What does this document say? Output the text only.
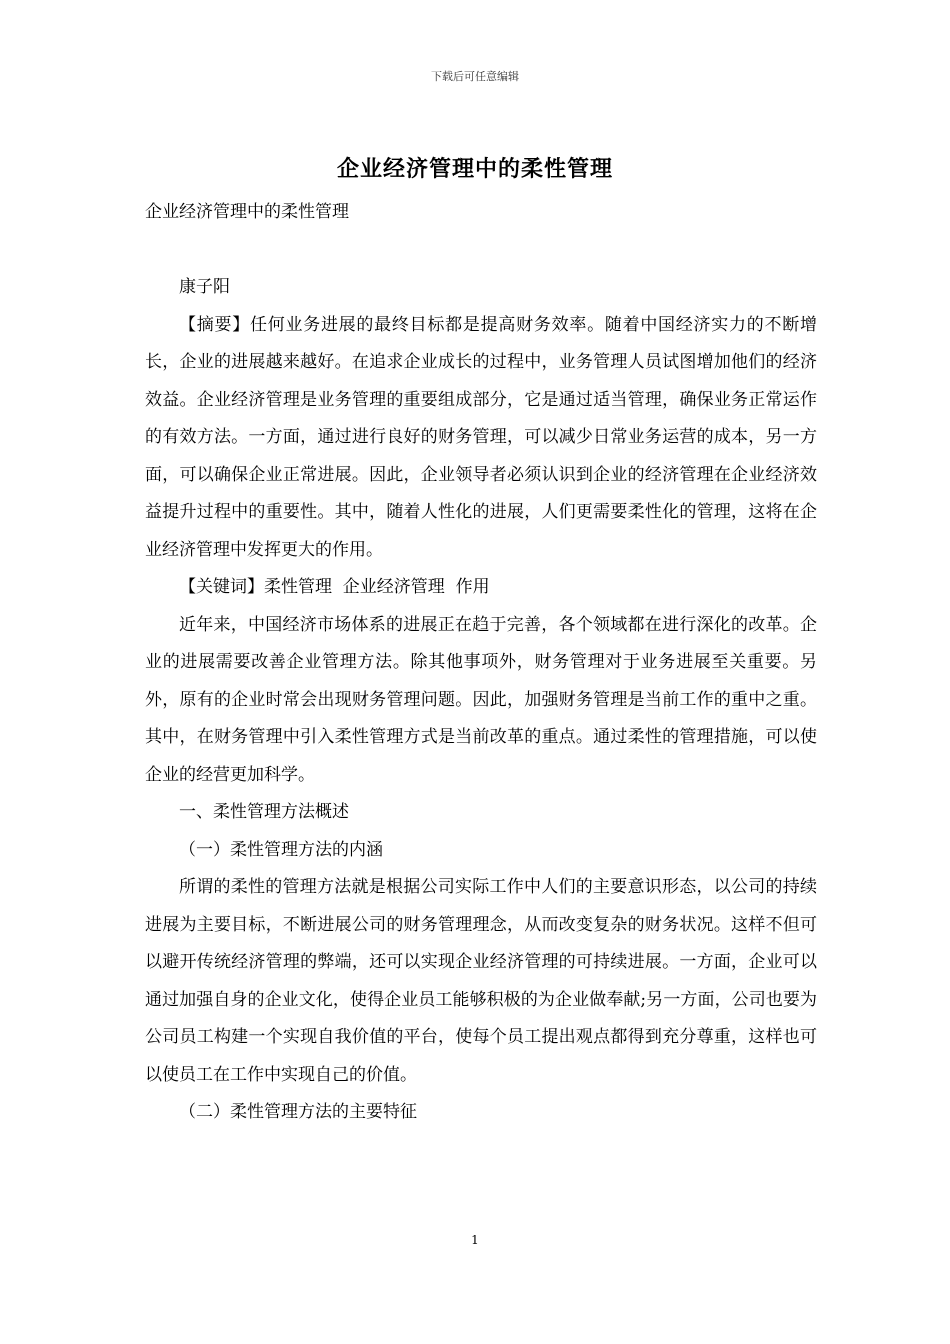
下载后可任意编辑
企业经济管理中的柔性管理

企业经济管理中的柔性管理

康子阳

【摘要】任何业务进展的最终目标都是提高财务效率。随着中国经济实力的不断增长，企业的进展越来越好。在追求企业成长的过程中，业务管理人员试图增加他们的经济效益。企业经济管理是业务管理的重要组成部分，它是通过适当管理，确保业务正常运作的有效方法。一方面，通过进行良好的财务管理，可以减少日常业务运营的成本，另一方面，可以确保企业正常进展。因此，企业领导者必须认识到企业的经济管理在企业经济效益提升过程中的重要性。其中，随着人性化的进展，人们更需要柔性化的管理，这将在企业经济管理中发挥更大的作用。

【关键词】柔性管理  企业经济管理  作用

近年来，中国经济市场体系的进展正在趋于完善，各个领域都在进行深化的改革。企业的进展需要改善企业管理方法。除其他事项外，财务管理对于业务进展至关重要。另外，原有的企业时常会出现财务管理问题。因此，加强财务管理是当前工作的重中之重。其中，在财务管理中引入柔性管理方式是当前改革的重点。通过柔性的管理措施，可以使企业的经营更加科学。

一、柔性管理方法概述

（一）柔性管理方法的内涵

所谓的柔性的管理方法就是根据公司实际工作中人们的主要意识形态，以公司的持续进展为主要目标，不断进展公司的财务管理理念，从而改变复杂的财务状况。这样不但可以避开传统经济管理的弊端，还可以实现企业经济管理的可持续进展。一方面，企业可以通过加强自身的企业文化，使得企业员工能够积极的为企业做奉献;另一方面，公司也要为公司员工构建一个实现自我价值的平台，使每个员工提出观点都得到充分尊重，这样也可以使员工在工作中实现自己的价值。

（二）柔性管理方法的主要特征

1
